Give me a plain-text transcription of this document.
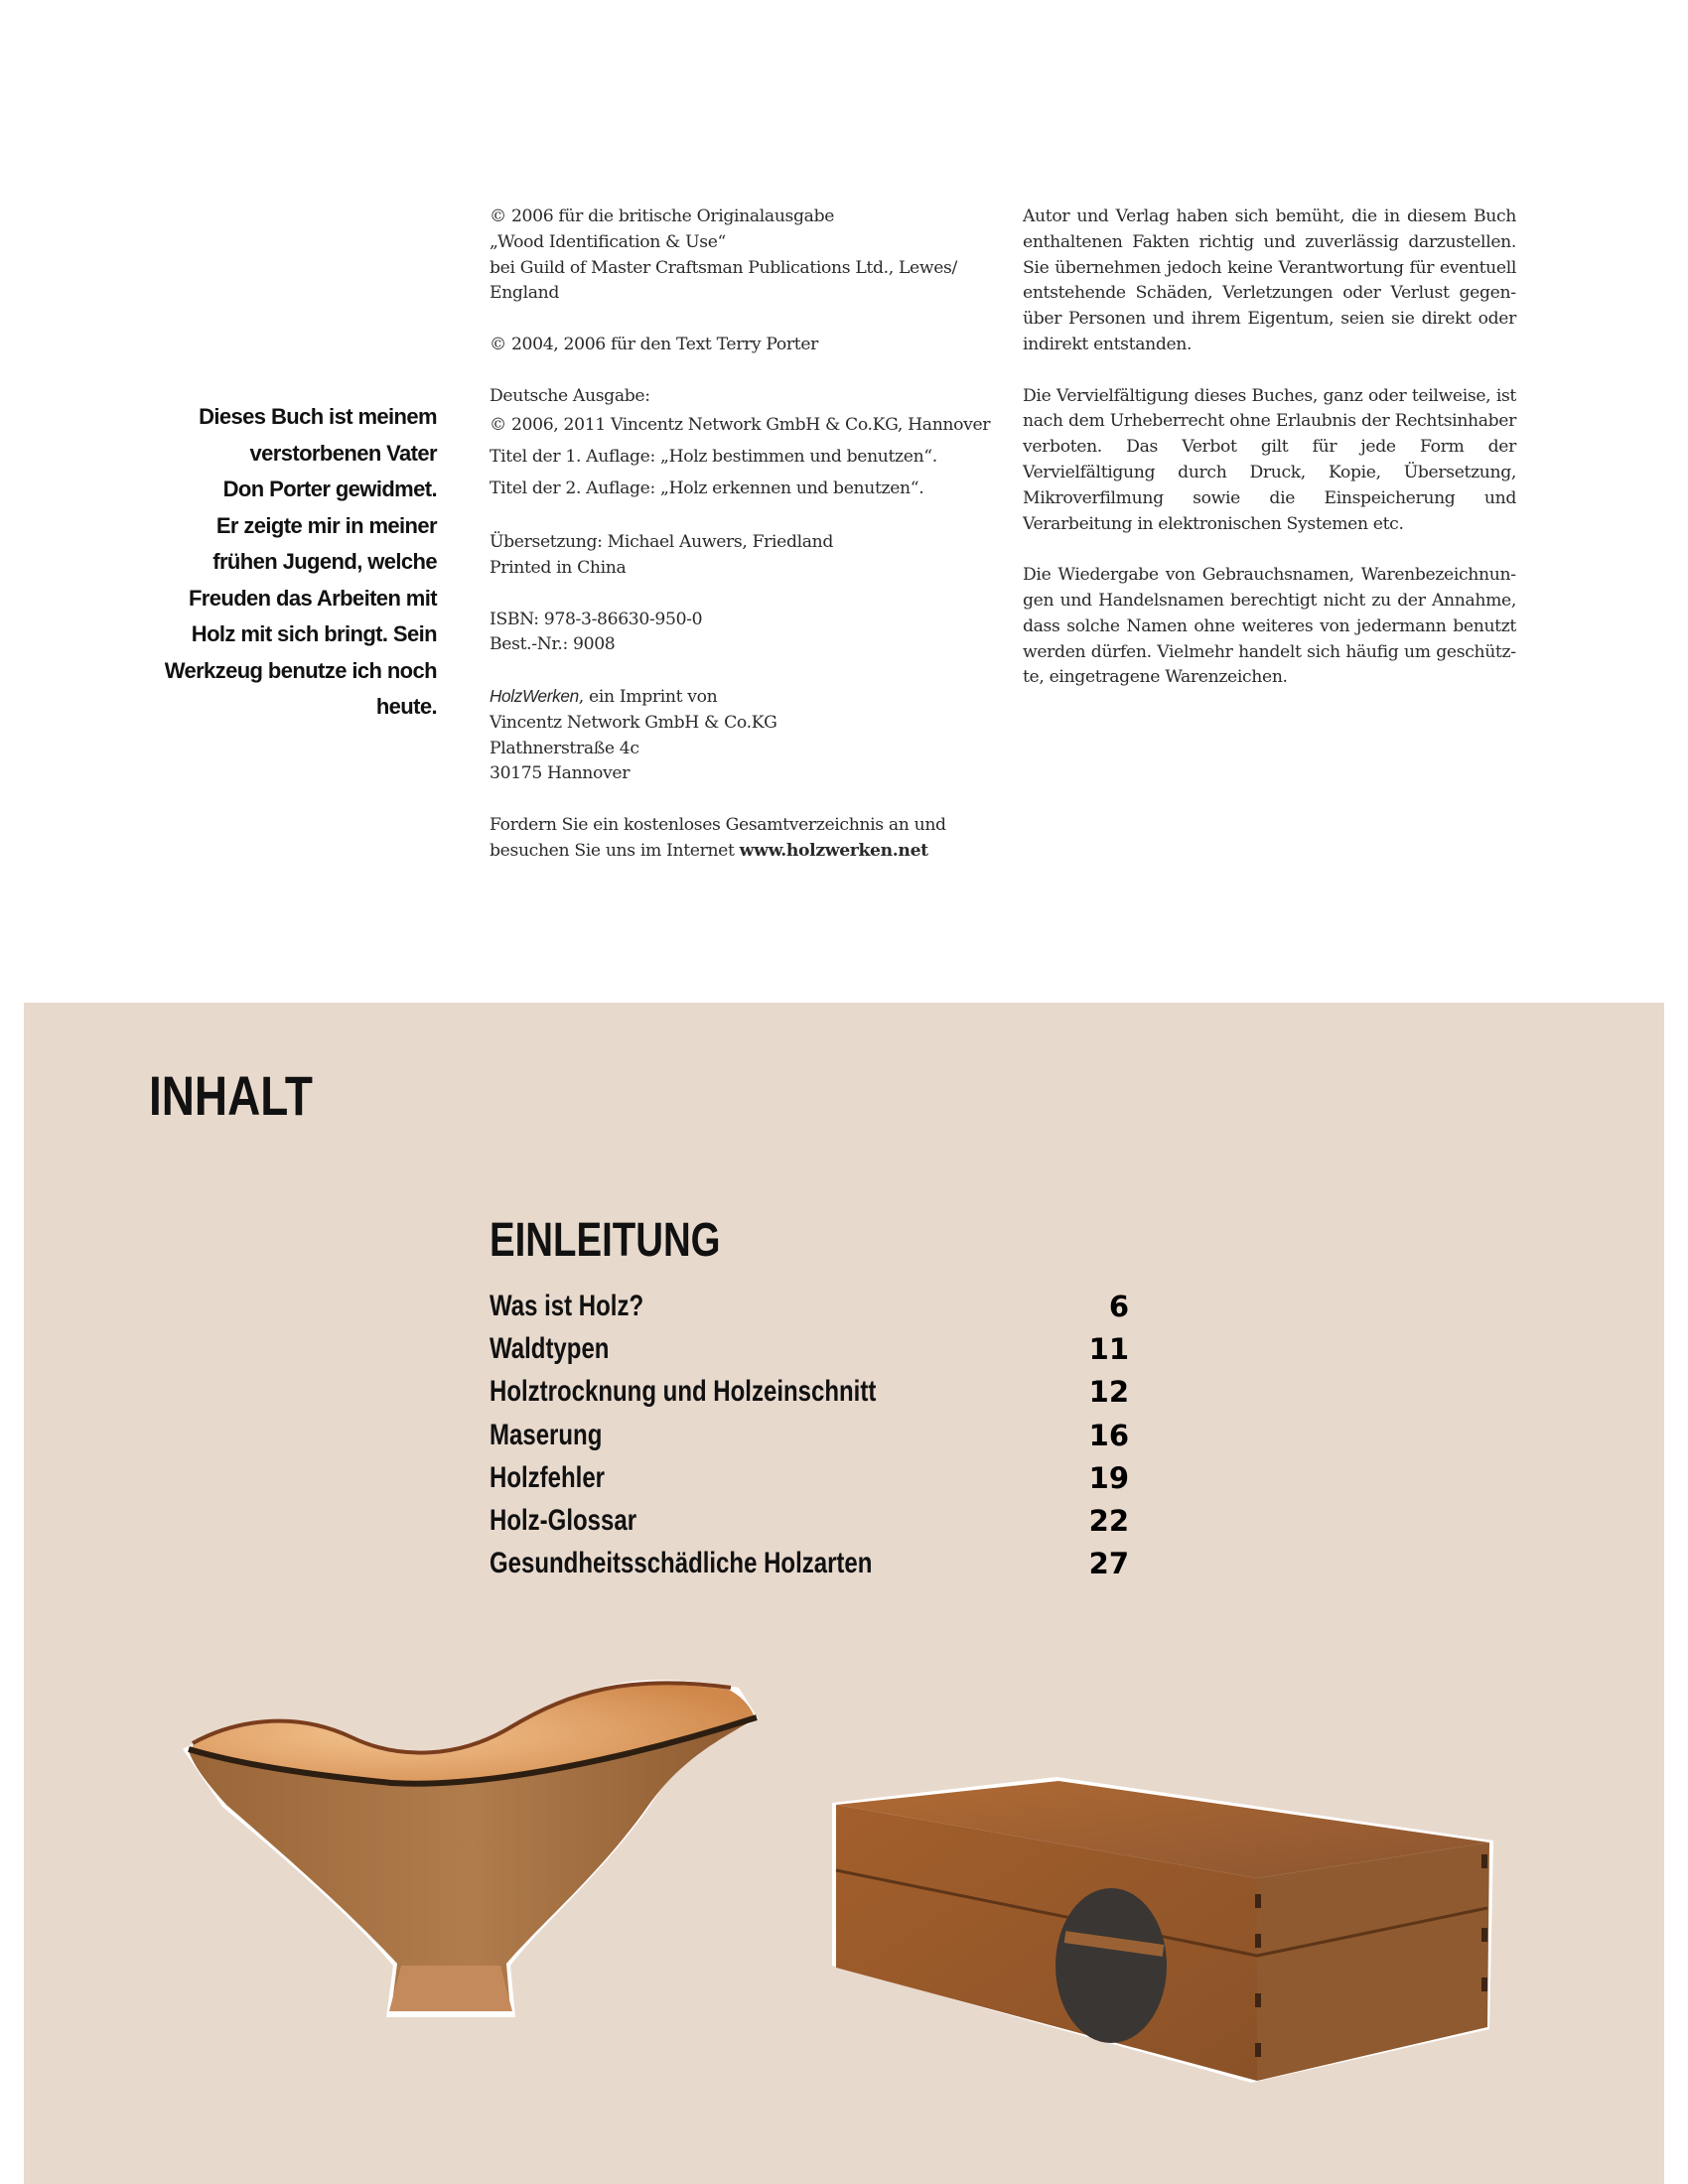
Dieses Buch ist meinem
verstorbenen Vater
Don Porter gewidmet.
Er zeigte mir in meiner
frühen Jugend, welche
Freuden das Arbeiten mit
Holz mit sich bringt. Sein
Werkzeug benutze ich noch
heute.
© 2006 für die britische Originalausgabe
„Wood Identification & Use“
bei Guild of Master Craftsman Publications Ltd., Lewes/
England
© 2004, 2006 für den Text Terry Porter
Deutsche Ausgabe:
© 2006, 2011 Vincentz Network GmbH & Co.KG, Hannover
Titel der 1. Auflage: „Holz bestimmen und benutzen“.
Titel der 2. Auflage: „Holz erkennen und benutzen“.
Übersetzung: Michael Auwers, Friedland
Printed in China
ISBN: 978-3-86630-950-0
Best.-Nr.: 9008
HolzWerken, ein Imprint von
Vincentz Network GmbH & Co.KG
Plathnerstraße 4c
30175 Hannover
Fordern Sie ein kostenloses Gesamtverzeichnis an und
besuchen Sie uns im Internet www.holzwerken.net
Autor und Verlag haben sich bemüht, die in diesem Buch enthaltenen Fakten richtig und zuverlässig darzustellen. Sie übernehmen jedoch keine Verantwortung für eventuell entstehende Schäden, Verletzungen oder Verlust gegenüber Personen und ihrem Eigentum, seien sie direkt oder indirekt entstanden.
Die Vervielfältigung dieses Buches, ganz oder teilweise, ist nach dem Urheberrecht ohne Erlaubnis der Rechtsinhaber verboten. Das Verbot gilt für jede Form der Vervielfältigung durch Druck, Kopie, Übersetzung, Mikroverfilmung sowie die Einspeicherung und Verarbeitung in elektronischen Systemen etc.
Die Wiedergabe von Gebrauchsnamen, Warenbezeichnungen und Handelsnamen berechtigt nicht zu der Annahme, dass solche Namen ohne weiteres von jedermann benutzt werden dürfen. Vielmehr handelt sich häufig um geschützte, eingetragene Warenzeichen.
INHALT
EINLEITUNG
Was ist Holz?	6
Waldtypen	11
Holztrocknung und Holzeinschnitt	12
Maserung	16
Holzfehler	19
Holz-Glossar	22
Gesundheitsschädliche Holzarten	27
